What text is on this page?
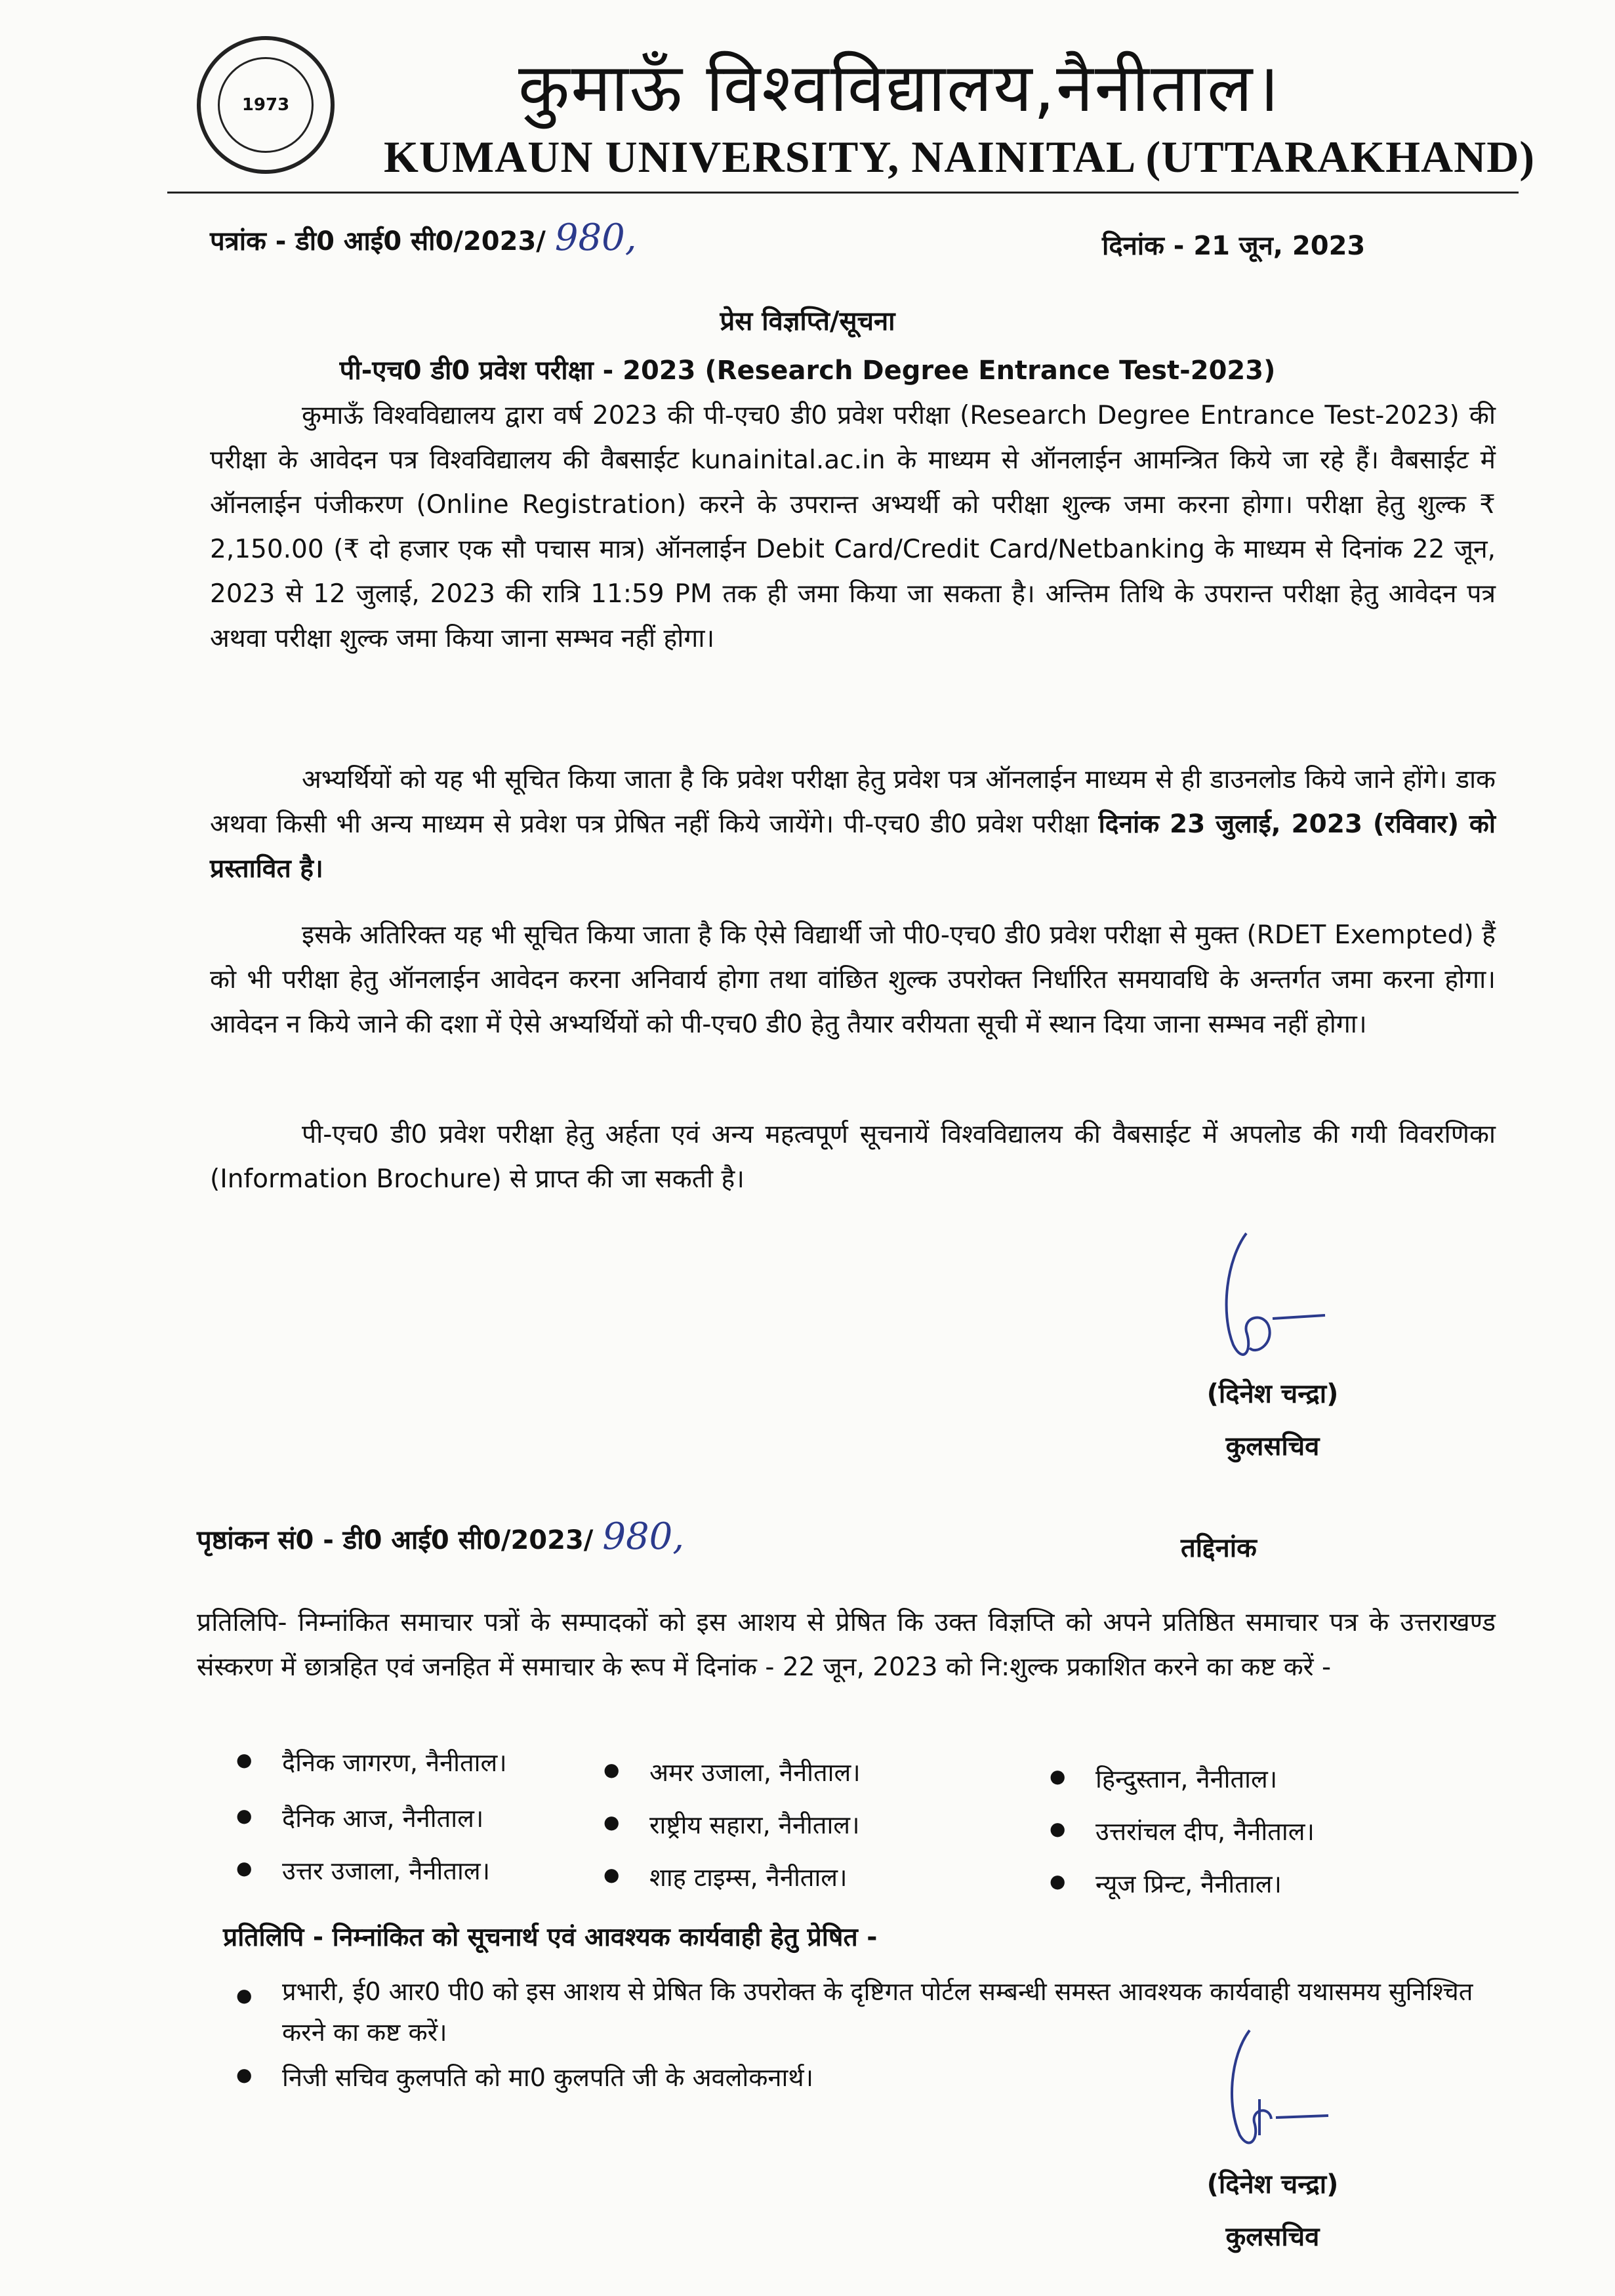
1973	कुमाऊँ विश्वविद्यालय,नैनीताल।
KUMAUN UNIVERSITY, NAINITAL (UTTARAKHAND)
पत्रांक - डी0 आई0 सी0/2023/ 980,	दिनांक - 21 जून, 2023
प्रेस विज्ञप्ति/सूचना
पी-एच0 डी0 प्रवेश परीक्षा - 2023 (Research Degree Entrance Test-2023)
कुमाऊँ विश्वविद्यालय द्वारा वर्ष 2023 की पी-एच0 डी0 प्रवेश परीक्षा (Research Degree Entrance Test-2023) की परीक्षा के आवेदन पत्र विश्वविद्यालय की वैबसाईट kunainital.ac.in के माध्यम से ऑनलाईन आमन्त्रित किये जा रहे हैं। वैबसाईट में ऑनलाईन पंजीकरण (Online Registration) करने के उपरान्त अभ्यर्थी को परीक्षा शुल्क जमा करना होगा। परीक्षा हेतु शुल्क ₹ 2,150.00 (₹ दो हजार एक सौ पचास मात्र) ऑनलाईन Debit Card/Credit Card/Netbanking के माध्यम से दिनांक 22 जून, 2023 से 12 जुलाई, 2023 की रात्रि 11:59 PM तक ही जमा किया जा सकता है। अन्तिम तिथि के उपरान्त परीक्षा हेतु आवेदन पत्र अथवा परीक्षा शुल्क जमा किया जाना सम्भव नहीं होगा।
अभ्यर्थियों को यह भी सूचित किया जाता है कि प्रवेश परीक्षा हेतु प्रवेश पत्र ऑनलाईन माध्यम से ही डाउनलोड किये जाने होंगे। डाक अथवा किसी भी अन्य माध्यम से प्रवेश पत्र प्रेषित नहीं किये जायेंगे। पी-एच0 डी0 प्रवेश परीक्षा दिनांक 23 जुलाई, 2023 (रविवार) को प्रस्तावित है।
इसके अतिरिक्त यह भी सूचित किया जाता है कि ऐसे विद्यार्थी जो पी0-एच0 डी0 प्रवेश परीक्षा से मुक्त (RDET Exempted) हैं को भी परीक्षा हेतु ऑनलाईन आवेदन करना अनिवार्य होगा तथा वांछित शुल्क उपरोक्त निर्धारित समयावधि के अन्तर्गत जमा करना होगा। आवेदन न किये जाने की दशा में ऐसे अभ्यर्थियों को पी-एच0 डी0 हेतु तैयार वरीयता सूची में स्थान दिया जाना सम्भव नहीं होगा।
पी-एच0 डी0 प्रवेश परीक्षा हेतु अर्हता एवं अन्य महत्वपूर्ण सूचनायें विश्वविद्यालय की वैबसाईट में अपलोड की गयी विवरणिका (Information Brochure) से प्राप्त की जा सकती है।
(दिनेश चन्द्रा)
कुलसचिव
पृष्ठांकन सं0 - डी0 आई0 सी0/2023/ 980,	तद्दिनांक
प्रतिलिपि- निम्नांकित समाचार पत्रों के सम्पादकों को इस आशय से प्रेषित कि उक्त विज्ञप्ति को अपने प्रतिष्ठित समाचार पत्र के उत्तराखण्ड संस्करण में छात्रहित एवं जनहित में समाचार के रूप में दिनांक - 22 जून, 2023 को नि:शुल्क प्रकाशित करने का कष्ट करें -
● दैनिक जागरण, नैनीताल।	● अमर उजाला, नैनीताल।	● हिन्दुस्तान, नैनीताल।
● दैनिक आज, नैनीताल।	● राष्ट्रीय सहारा, नैनीताल।	● उत्तरांचल दीप, नैनीताल।
● उत्तर उजाला, नैनीताल।	● शाह टाइम्स, नैनीताल।	● न्यूज प्रिन्ट, नैनीताल।
प्रतिलिपि - निम्नांकित को सूचनार्थ एवं आवश्यक कार्यवाही हेतु प्रेषित -
● प्रभारी, ई0 आर0 पी0 को इस आशय से प्रेषित कि उपरोक्त के दृष्टिगत पोर्टल सम्बन्धी समस्त आवश्यक कार्यवाही यथासमय सुनिश्चित करने का कष्ट करें।
● निजी सचिव कुलपति को मा0 कुलपति जी के अवलोकनार्थ।
(दिनेश चन्द्रा)
कुलसचिव
